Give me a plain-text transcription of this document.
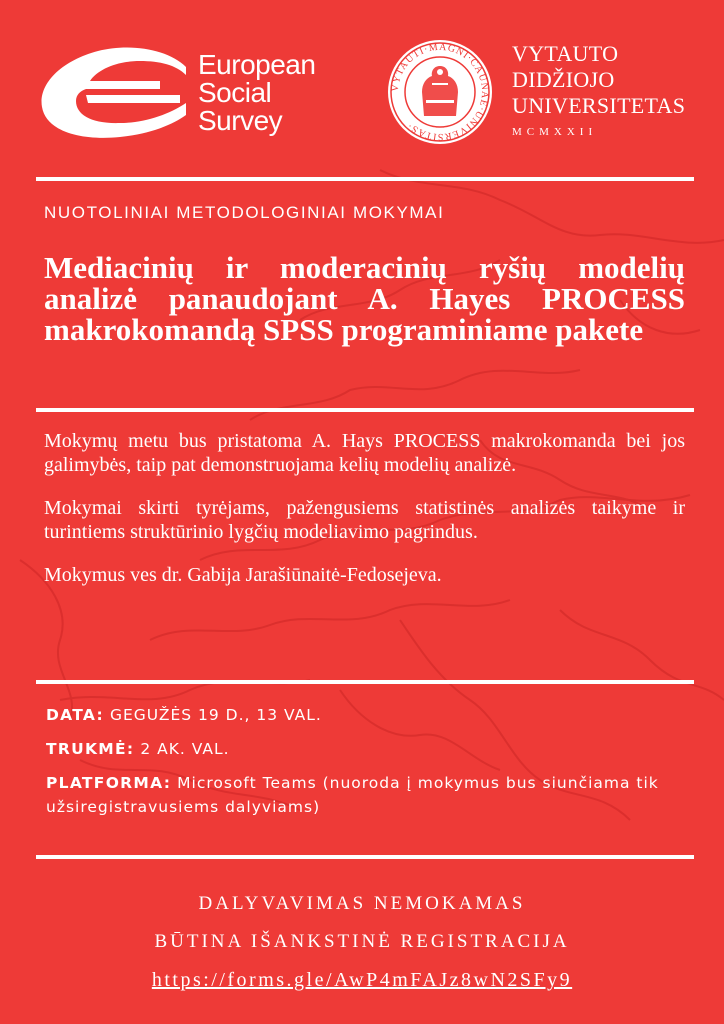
European
Social
Survey
VYTAUTI·MAGNI·CAUNAE·UNIVERSITAS·
VYTAUTO
DIDŽIOJO
UNIVERSITETAS
MCMXXII
NUOTOLINIAI METODOLOGINIAI MOKYMAI
Mediacinių ir moderacinių ryšių modelių analizė panaudojant A. Hayes PROCESS makrokomandą SPSS programiniame pakete

Mokymų metu bus pristatoma A. Hays PROCESS makrokomanda bei jos galimybės, taip pat demonstruojama kelių modelių analizė.

Mokymai skirti tyrėjams, pažengusiems statistinės analizės taikyme ir turintiems struktūrinio lygčių modeliavimo pagrindus.

Mokymus ves dr. Gabija Jarašiūnaitė-Fedosejeva.

DATA: GEGUŽĖS 19 D., 13 VAL.
TRUKMĖ: 2 AK. VAL.
PLATFORMA: Microsoft Teams (nuoroda į mokymus bus siunčiama tik užsiregistravusiems dalyviams)
DALYVAVIMAS NEMOKAMAS
BŪTINA IŠANKSTINĖ REGISTRACIJA
https://forms.gle/AwP4mFAJz8wN2SFy9
